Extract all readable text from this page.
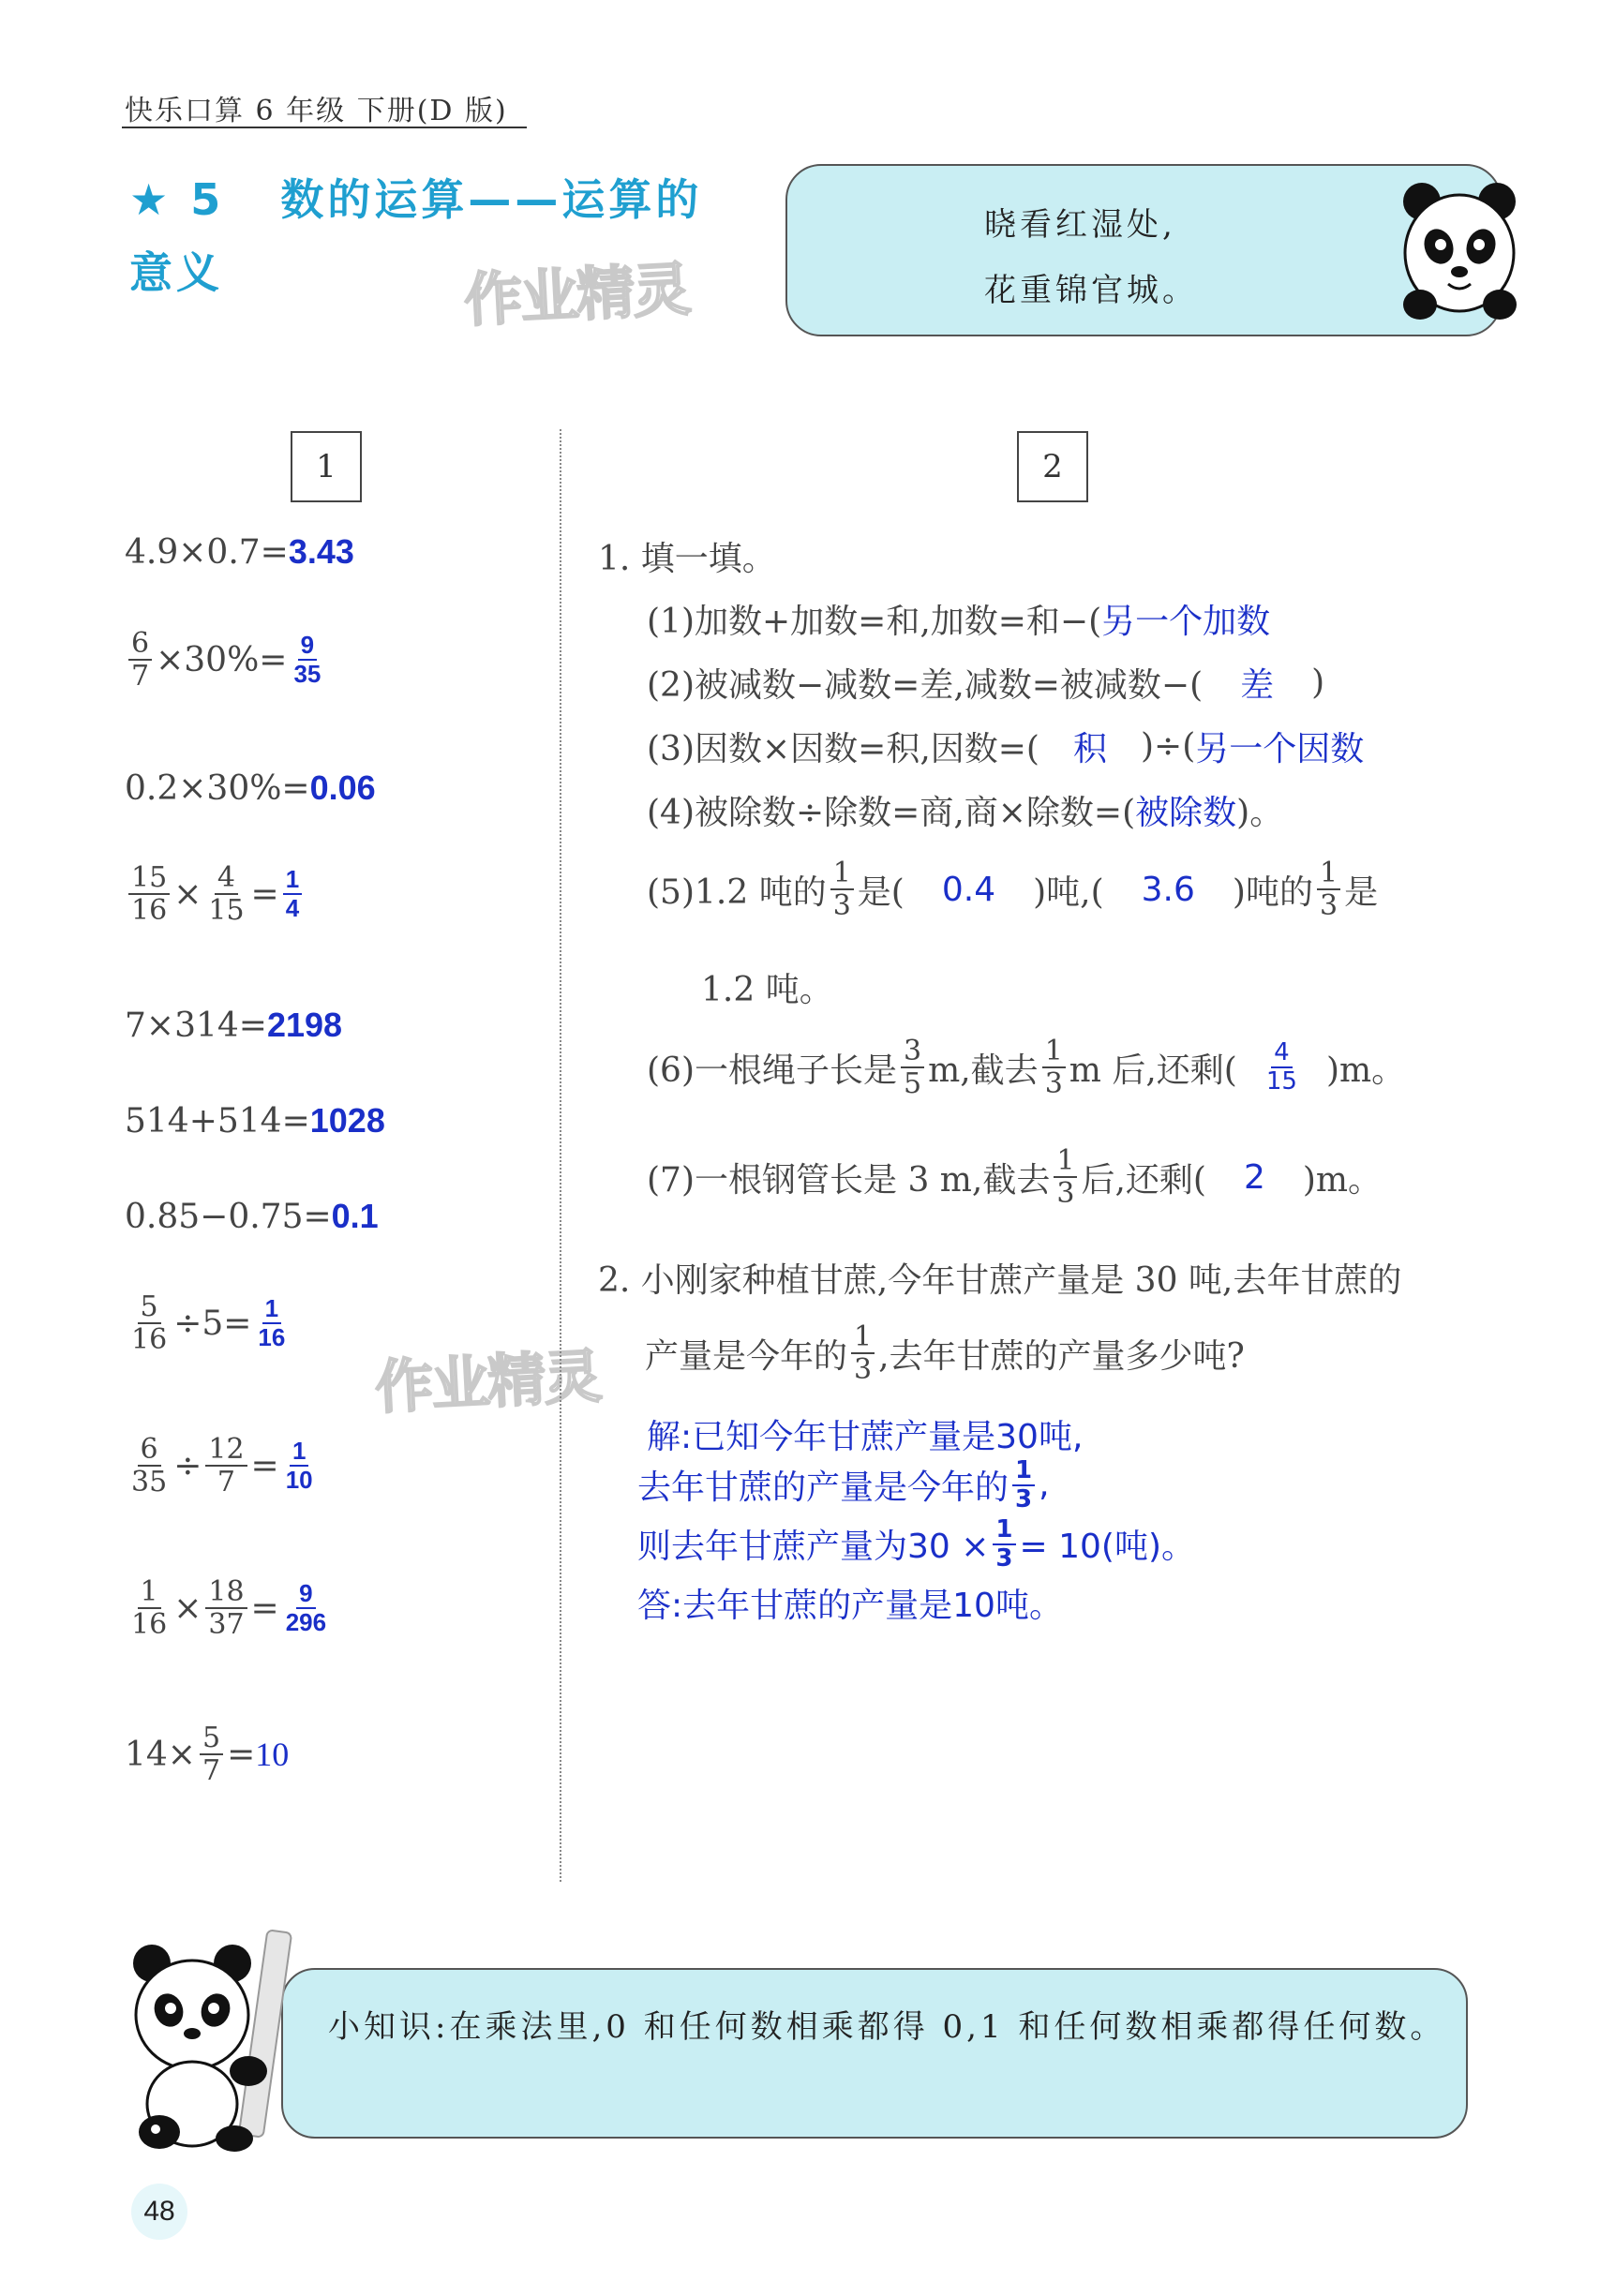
快乐口算 6 年级 下册(D 版)
★ 5 数的运算——运算的
意义	作业精灵
作业精灵
晓看红湿处,
花重锦官城。
1
4.9×0.7= 3.43
$\frac{6}{7} \times 30\%= \frac{9}{35}$
0.2×30%= 0.06
$\frac{15}{16} \times \frac{4}{15} = \frac{1}{4}$
7×314= 2198
514+514= 1028
0.85−0.75= 0.1
$\frac{5}{16} \div 5= \frac{1}{16}$
$\frac{6}{35} \div \frac{12}{7} = \frac{1}{10}$
$\frac{1}{16} \times \frac{18}{37} = \frac{9}{296}$
$14\times \frac{5}{7} = 10$
2
1. 填一填。
(1)加数+加数=和,加数=和−( 另一个加数
(2)被减数−减数=差,减数=被减数−( 差 )
(3)因数×因数=积,因数=( 积 )÷( 另一个因数
(4)被除数÷除数=商,商×除数=( 被除数 )。
(5)1.2 吨的 $\frac{1}{3}$ 是( 0.4 )吨,( 3.6 )吨的 $\frac{1}{3}$ 是
1.2 吨。
(6)一根绳子长是 $\frac{3}{5} m$,截去 $\frac{1}{3}$ m 后,还剩( $\frac{4}{15} )m$。
(7)一根钢管长是 3 m,截去 $\frac{1}{3}$ 后,还剩( 2 )m。
2. 小刚家种植甘蔗,今年甘蔗产量是 30 吨,去年甘蔗的
产量是今年的 $\frac{1}{3}$ ,去年甘蔗的产量多少吨?
解:已知今年甘蔗产量是30吨,
去年甘蔗的产量是今年的 $\frac{1}{3}$ ,
则去年甘蔗产量为$30 \times \frac{1}{3} = 10$(吨)。
答:去年甘蔗的产量是10吨。
小知识:在乘法里,0 和任何数相乘都得 0,1 和任何数相乘都得任何数。
48
